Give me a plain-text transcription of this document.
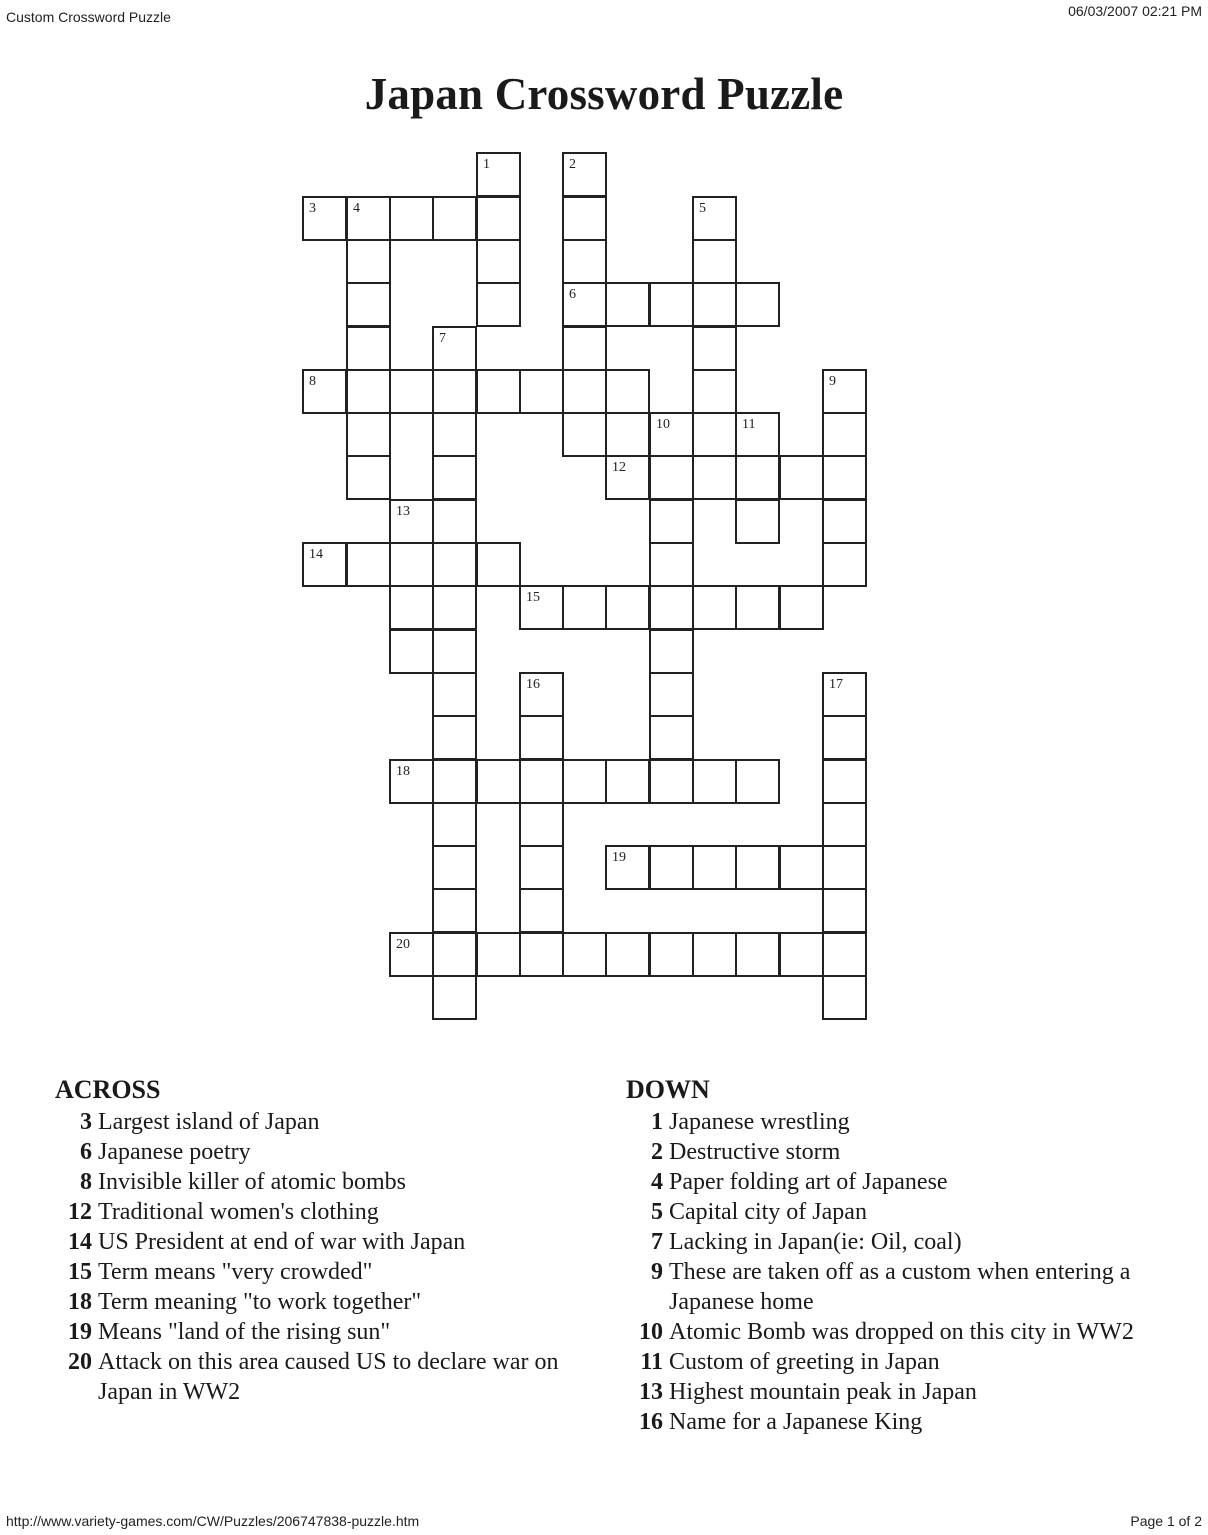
Custom Crossword Puzzle	06/03/2007 02:21 PM
Japan Crossword Puzzle
1	2
3	4	5
6
7
8	9
10	11
12
13
14
15
16	17
18
19
20
ACROSS
3 Largest island of Japan
6 Japanese poetry
8 Invisible killer of atomic bombs
12 Traditional women's clothing
14 US President at end of war with Japan
15 Term means "very crowded"
18 Term meaning "to work together"
19 Means "land of the rising sun"
20 Attack on this area caused US to declare war on Japan in WW2
DOWN
1 Japanese wrestling
2 Destructive storm
4 Paper folding art of Japanese
5 Capital city of Japan
7 Lacking in Japan(ie: Oil, coal)
9 These are taken off as a custom when entering a Japanese home
10 Atomic Bomb was dropped on this city in WW2
11 Custom of greeting in Japan
13 Highest mountain peak in Japan
16 Name for a Japanese King
http://www.variety-games.com/CW/Puzzles/206747838-puzzle.htm	Page 1 of 2
